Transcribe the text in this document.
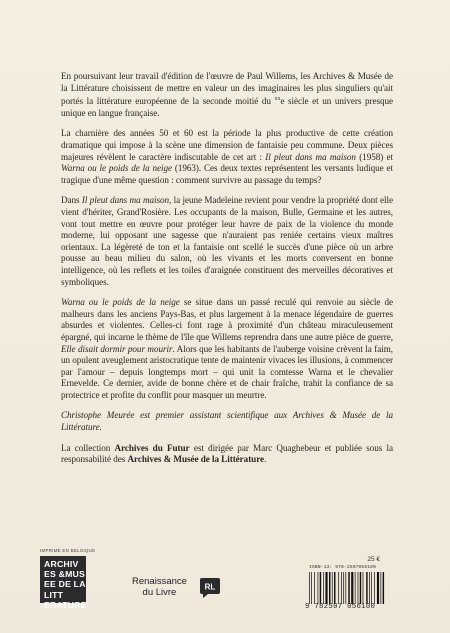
En poursuivant leur travail d'édition de l'œuvre de Paul Willems, les Archives & Musée de la Littérature choisissent de mettre en valeur un des imaginaires les plus singuliers qu'ait portés la littérature européenne de la seconde moitié du $^{xx}$e siècle et un univers presque unique en langue française.

La charnière des années 50 et 60 est la période la plus productive de cette création dramatique qui impose à la scène une dimension de fantaisie peu commune. Deux pièces majeures révèlent le caractère indiscutable de cet art : Il pleut dans ma maison (1958) et Warna ou le poids de la neige (1963). Ces deux textes représentent les versants ludique et tragique d'une même question : comment survivre au passage du temps?

Dans Il pleut dans ma maison, la jeune Madeleine revient pour vendre la propriété dont elle vient d'hériter, Grand'Rosière. Les occupants de la maison, Bulle, Germaine et les autres, vont tout mettre en œuvre pour protéger leur havre de paix de la violence du monde moderne, lui opposant une sagesse que n'auraient pas reniée certains vieux maîtres orientaux. La légèreté de ton et la fantaisie ont scellé le succès d'une pièce où un arbre pousse au beau milieu du salon, où les vivants et les morts conversent en bonne intelligence, où les reflets et les toiles d'araignée constituent des merveilles décoratives et symboliques.

Warna ou le poids de la neige se situe dans un passé reculé qui renvoie au siècle de malheurs dans les anciens Pays-Bas, et plus largement à la menace légendaire de guerres absurdes et violentes. Celles-ci font rage à proximité d'un château miraculeusement épargné, qui incarne le thème de l'île que Willems reprendra dans une autre pièce de guerre, Elle disait dormir pour mourir. Alors que les habitants de l'auberge voisine crèvent la faim, un opulent aveuglement aristocratique tente de maintenir vivaces les illusions, à commencer par l'amour – depuis longtemps mort – qui unit la comtesse Warna et le chevalier Erneveldе. Ce dernier, avide de bonne chère et de chair fraîche, trahit la confiance de sa protectrice et profite du conflit pour masquer un meurtre.

Christophe Meurée est premier assistant scientifique aux Archives & Musée de la Littérature.

La collection Archives du Futur est dirigée par Marc Quaghebeur et publiée sous la responsabilité des Archives & Musée de la Littérature.

IMPRIMÉ EN BELGIQUE
ARCHIV
ES &MUS
EE DE LA
LITT
ERATURE
Renaissance
du Livre	RL
25 €
ISBN-13: 978-2507056100
9 782507 056100
